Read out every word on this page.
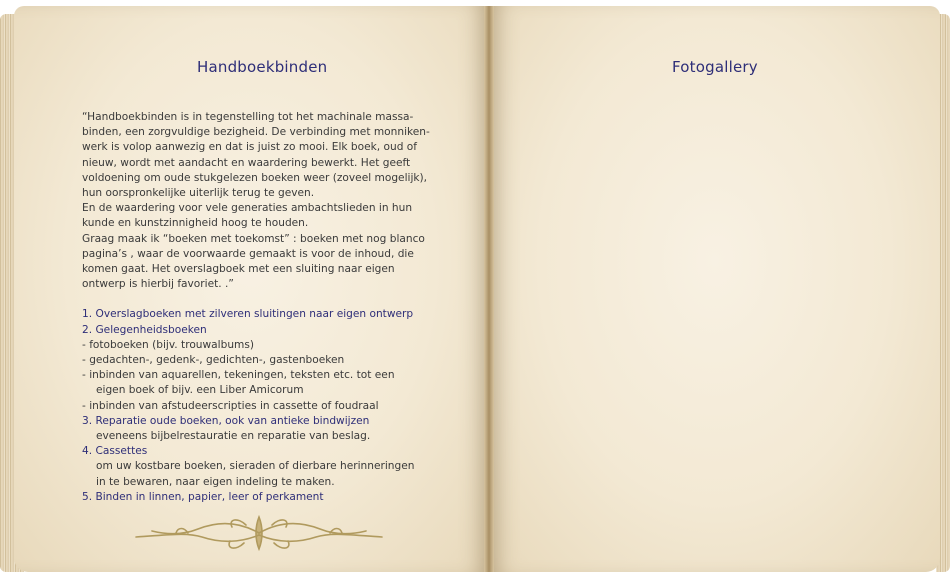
Handboekbinden	Fotogallery

“Handboekbinden is in tegenstelling tot het machinale massa-
binden, een zorgvuldige bezigheid. De verbinding met monniken-
werk is volop aanwezig en dat is juist zo mooi. Elk boek, oud of
nieuw, wordt met aandacht en waardering bewerkt. Het geeft
voldoening om oude stukgelezen boeken weer (zoveel mogelijk),
hun oorspronkelijke uiterlijk terug te geven.
En de waardering voor vele generaties ambachtslieden in hun
kunde en kunstzinnigheid hoog te houden.
Graag maak ik “boeken met toekomst” : boeken met nog blanco
pagina’s , waar de voorwaarde gemaakt is voor de inhoud, die
komen gaat. Het overslagboek met een sluiting naar eigen
ontwerp is hierbij favoriet. .”

1. Overslagboeken met zilveren sluitingen naar eigen ontwerp
2. Gelegenheidsboeken
- fotoboeken (bijv. trouwalbums)
- gedachten-, gedenk-, gedichten-, gastenboeken
- inbinden van aquarellen, tekeningen, teksten etc. tot een
eigen boek of bijv. een Liber Amicorum
- inbinden van afstudeerscripties in cassette of foudraal
3. Reparatie oude boeken, ook van antieke bindwijzen
eveneens bijbelrestauratie en reparatie van beslag.
4. Cassettes
om uw kostbare boeken, sieraden of dierbare herinneringen
in te bewaren, naar eigen indeling te maken.
5. Binden in linnen, papier, leer of perkament
